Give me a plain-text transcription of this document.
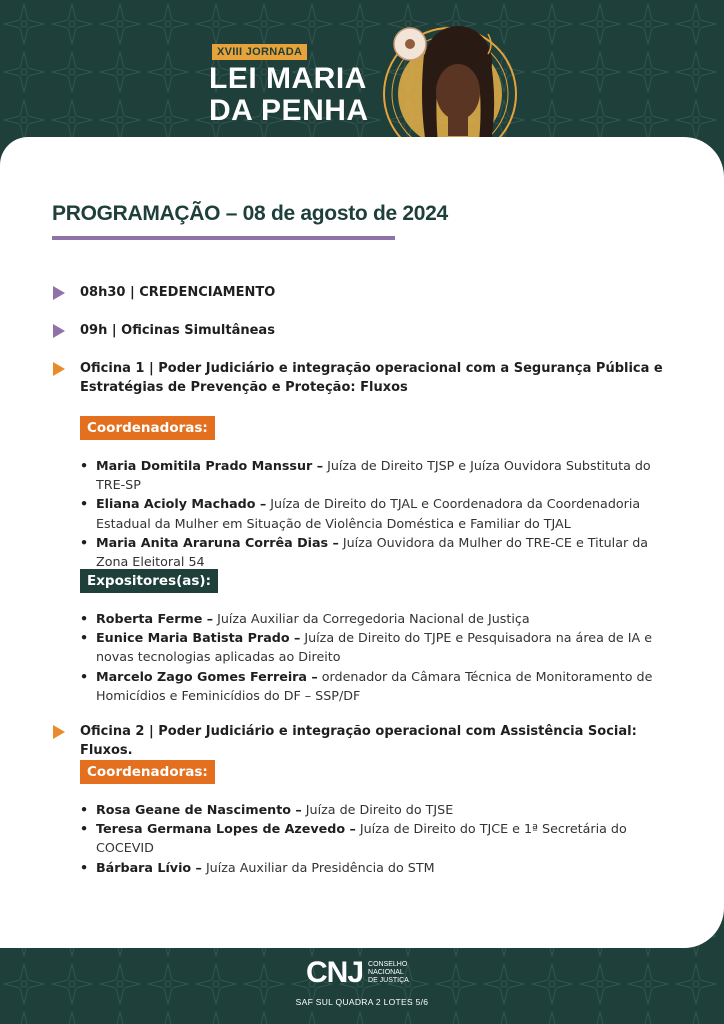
XVIII JORNADA
LEI MARIA
DA PENHA
PROGRAMAÇÃO – 08 de agosto de 2024
08h30 | CREDENCIAMENTO
09h | Oficinas Simultâneas
Oficina 1 | Poder Judiciário e integração operacional com a Segurança Pública e Estratégias de Prevenção e Proteção: Fluxos
Coordenadoras:
• Maria Domitila Prado Manssur – Juíza de Direito TJSP e Juíza Ouvidora Substituta do TRE-SP
• Eliana Acioly Machado – Juíza de Direito do TJAL e Coordenadora da Coordenadoria Estadual da Mulher em Situação de Violência Doméstica e Familiar do TJAL
• Maria Anita Araruna Corrêa Dias – Juíza Ouvidora da Mulher do TRE-CE e Titular da Zona Eleitoral 54
Expositores(as):
• Roberta Ferme – Juíza Auxiliar da Corregedoria Nacional de Justiça
• Eunice Maria Batista Prado – Juíza de Direito do TJPE e Pesquisadora na área de IA e novas tecnologias aplicadas ao Direito
• Marcelo Zago Gomes Ferreira – ordenador da Câmara Técnica de Monitoramento de Homicídios e Feminicídios do DF – SSP/DF
Oficina 2 | Poder Judiciário e integração operacional com Assistência Social: Fluxos.
Coordenadoras:
• Rosa Geane de Nascimento – Juíza de Direito do TJSE
• Teresa Germana Lopes de Azevedo – Juíza de Direito do TJCE e 1ª Secretária do COCEVID
• Bárbara Lívio – Juíza Auxiliar da Presidência do STM
CNJ CONSELHO
NACIONAL
DE JUSTIÇA
SAF SUL QUADRA 2 LOTES 5/6
